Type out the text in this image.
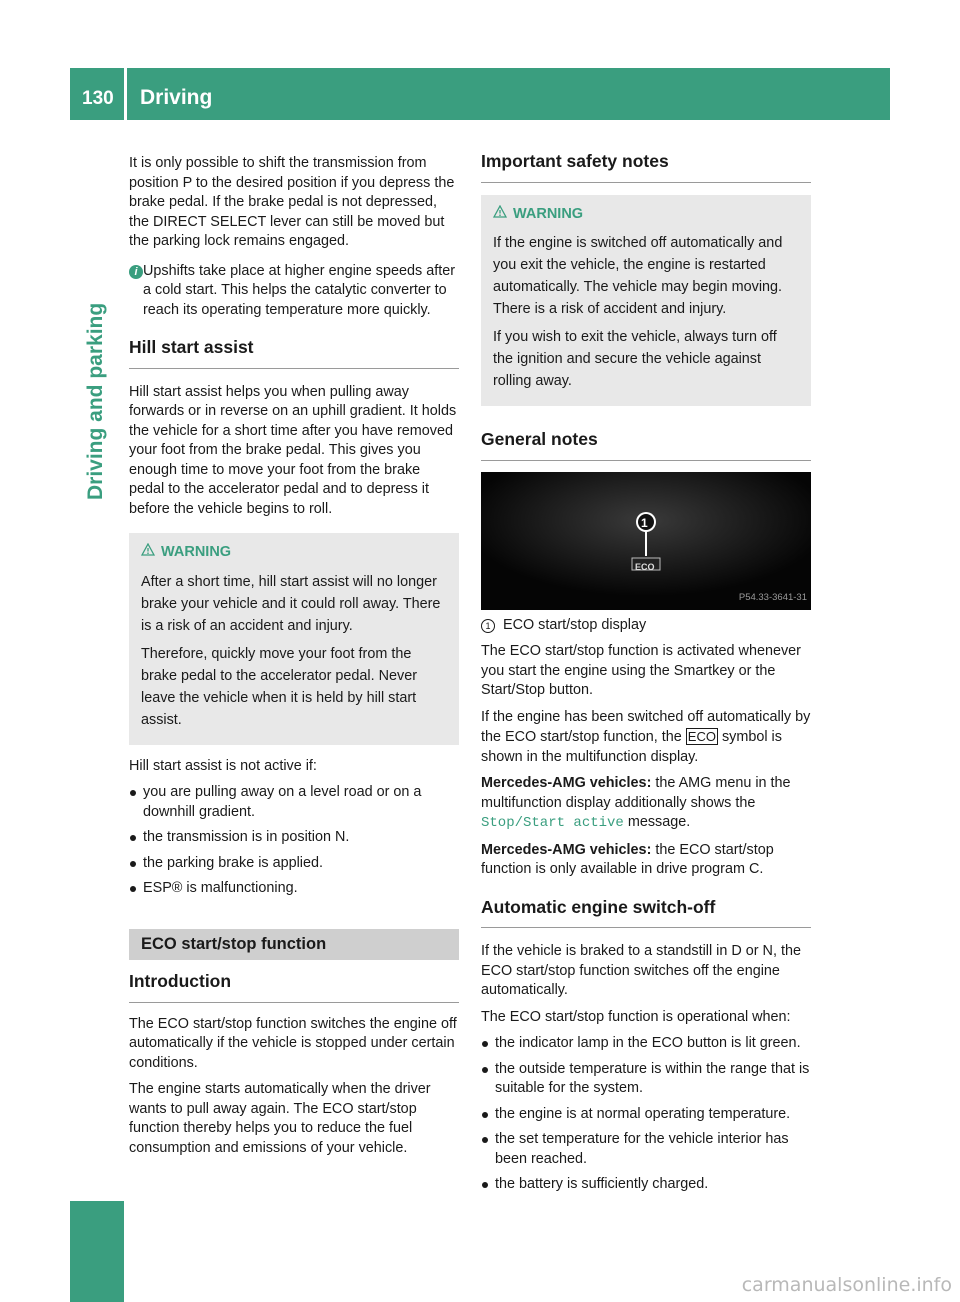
130 Driving
Driving and parking

It is only possible to shift the transmission from position P to the desired position if you depress the brake pedal. If the brake pedal is not depressed, the DIRECT SELECT lever can still be moved but the parking lock remains engaged.

i Upshifts take place at higher engine speeds after a cold start. This helps the catalytic converter to reach its operating temperature more quickly.

Hill start assist

Hill start assist helps you when pulling away forwards or in reverse on an uphill gradient. It holds the vehicle for a short time after you have removed your foot from the brake pedal. This gives you enough time to move your foot from the brake pedal to the accelerator pedal and to depress it before the vehicle begins to roll.

WARNING

After a short time, hill start assist will no longer brake your vehicle and it could roll away. There is a risk of an accident and injury.

Therefore, quickly move your foot from the brake pedal to the accelerator pedal. Never leave the vehicle when it is held by hill start assist.

Hill start assist is not active if:

you are pulling away on a level road or on a downhill gradient.
the transmission is in position N.
the parking brake is applied.
ESP® is malfunctioning.
ECO start/stop function
Introduction

The ECO start/stop function switches the engine off automatically if the vehicle is stopped under certain conditions.

The engine starts automatically when the driver wants to pull away again. The ECO start/stop function thereby helps you to reduce the fuel consumption and emissions of your vehicle.

Important safety notes
WARNING

If the engine is switched off automatically and you exit the vehicle, the engine is restarted automatically. The vehicle may begin moving. There is a risk of accident and injury.

If you wish to exit the vehicle, always turn off the ignition and secure the vehicle against rolling away.

General notes
1
ECO
P54.33-3641-31

1 ECO start/stop display

The ECO start/stop function is activated whenever you start the engine using the Smartkey or the Start/Stop button.

If the engine has been switched off automatically by the ECO start/stop function, the ECO symbol is shown in the multifunction display.

Mercedes-AMG vehicles: the AMG menu in the multifunction display additionally shows the Stop/Start active message.

Mercedes-AMG vehicles: the ECO start/stop function is only available in drive program C.

Automatic engine switch-off

If the vehicle is braked to a standstill in D or N, the ECO start/stop function switches off the engine automatically.

The ECO start/stop function is operational when:

the indicator lamp in the ECO button is lit green.
the outside temperature is within the range that is suitable for the system.
the engine is at normal operating temperature.
the set temperature for the vehicle interior has been reached.
the battery is sufficiently charged.
carmanualsonline.info
